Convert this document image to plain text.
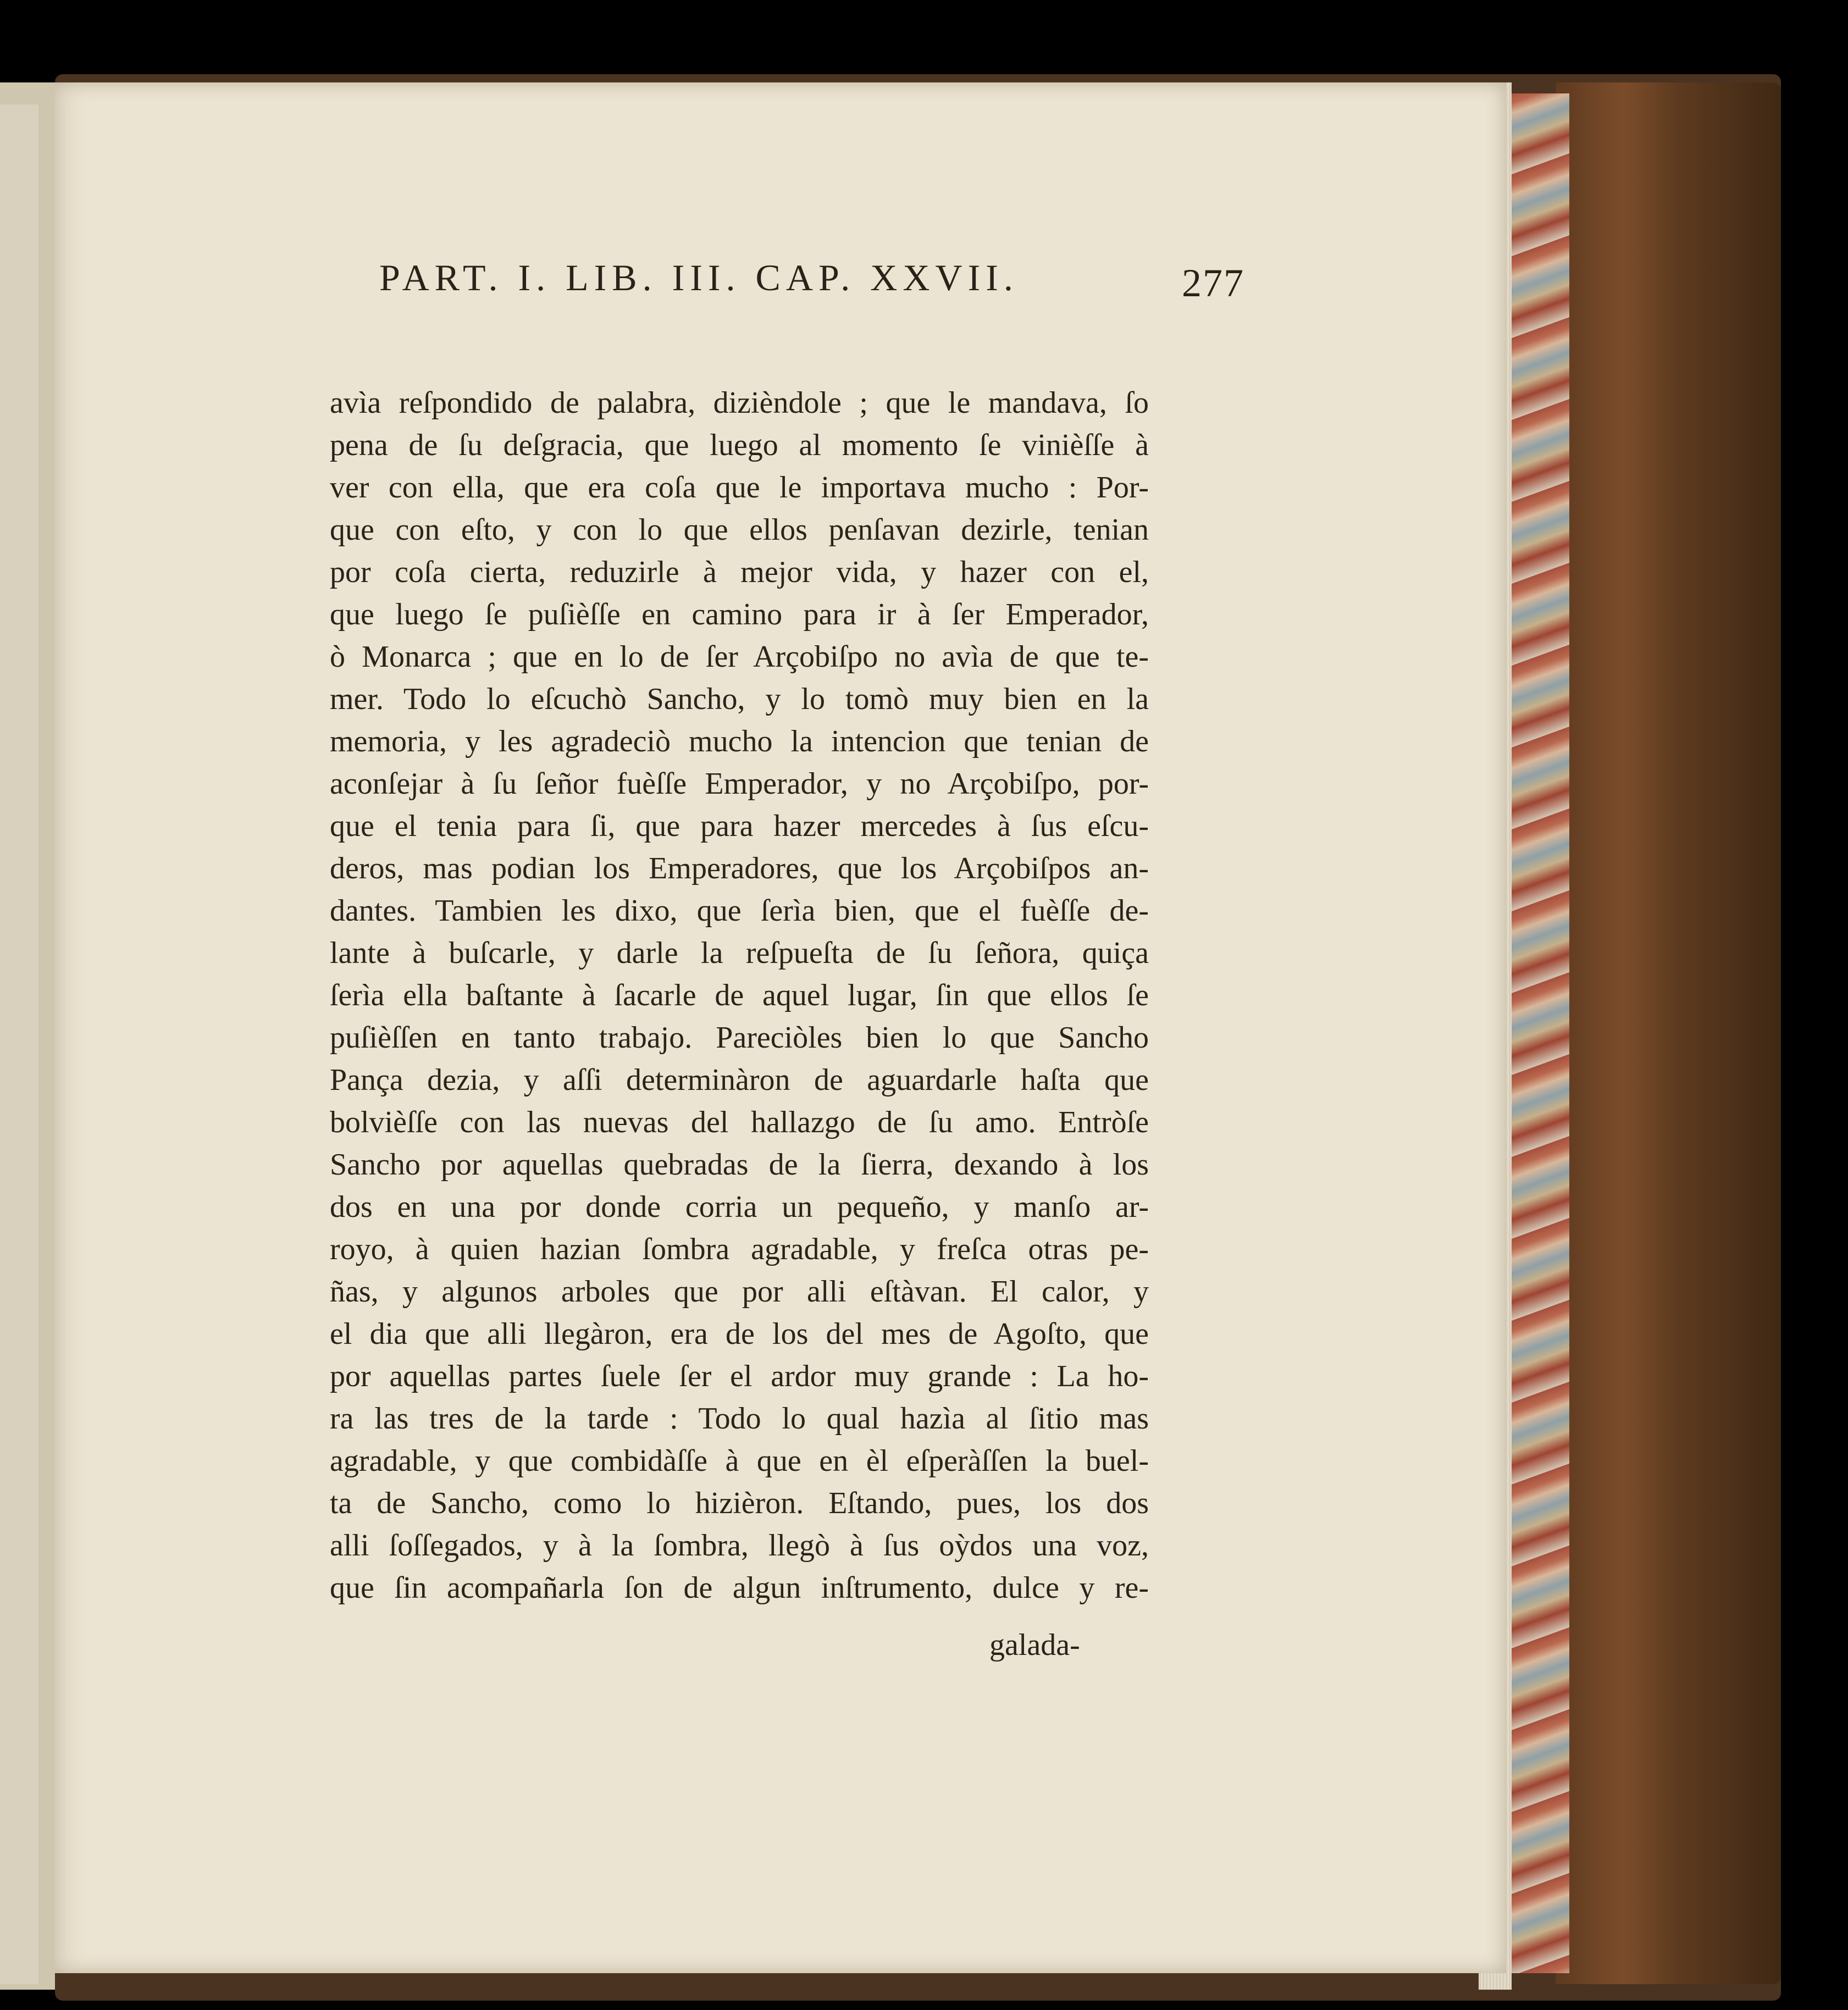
PART. I. LIB. III. CAP. XXVII.	277
avìa reſpondido de palabra, diziѐndole ; que le mandava, ſo
pena de ſu deſgracia, que luego al momento ſe viniѐſſe à
ver con ella, que era coſa que le importava mucho : Por-
que con eſto, y con lo que ellos penſavan dezirle, tenian
por coſa cierta, reduzirle à mejor vida, y hazer con el,
que luego ſe puſiѐſſe en camino para ir à ſer Emperador,
ò Monarca ; que en lo de ſer Arçobiſpo no avìa de que te-
mer. Todo lo eſcuchò Sancho, y lo tomò muy bien en la
memoria, y les agradeciò mucho la intencion que tenian de
aconſejar à ſu ſeñor fuѐſſe Emperador, y no Arçobiſpo, por-
que el tenia para ſi, que para hazer mercedes à ſus eſcu-
deros, mas podian los Emperadores, que los Arçobiſpos an-
dantes. Tambien les dixo, que ſerìa bien, que el fuѐſſe de-
lante à buſcarle, y darle la reſpueſta de ſu ſeñora, quiça
ſerìa ella baſtante à ſacarle de aquel lugar, ſin que ellos ſe
puſiѐſſen en tanto trabajo. Pareciòles bien lo que Sancho
Pança dezia, y aſſi determinàron de aguardarle haſta que
bolviѐſſe con las nuevas del hallazgo de ſu amo. Entròſe
Sancho por aquellas quebradas de la ſierra, dexando à los
dos en una por donde corria un pequeño, y manſo ar-
royo, à quien hazian ſombra agradable, y freſca otras pe-
ñas, y algunos arboles que por alli eſtàvan. El calor, y
el dia que alli llegàron, era de los del mes de Agoſto, que
por aquellas partes ſuele ſer el ardor muy grande : La ho-
ra las tres de la tarde : Todo lo qual hazìa al ſitio mas
agradable, y que combidàſſe à que en èl eſperàſſen la buel-
ta de Sancho, como lo hizièron. Eſtando, pues, los dos
alli ſoſſegados, y à la ſombra, llegò à ſus oỳdos una voz,
que ſin acompañarla ſon de algun inſtrumento, dulce y re-
galada-
